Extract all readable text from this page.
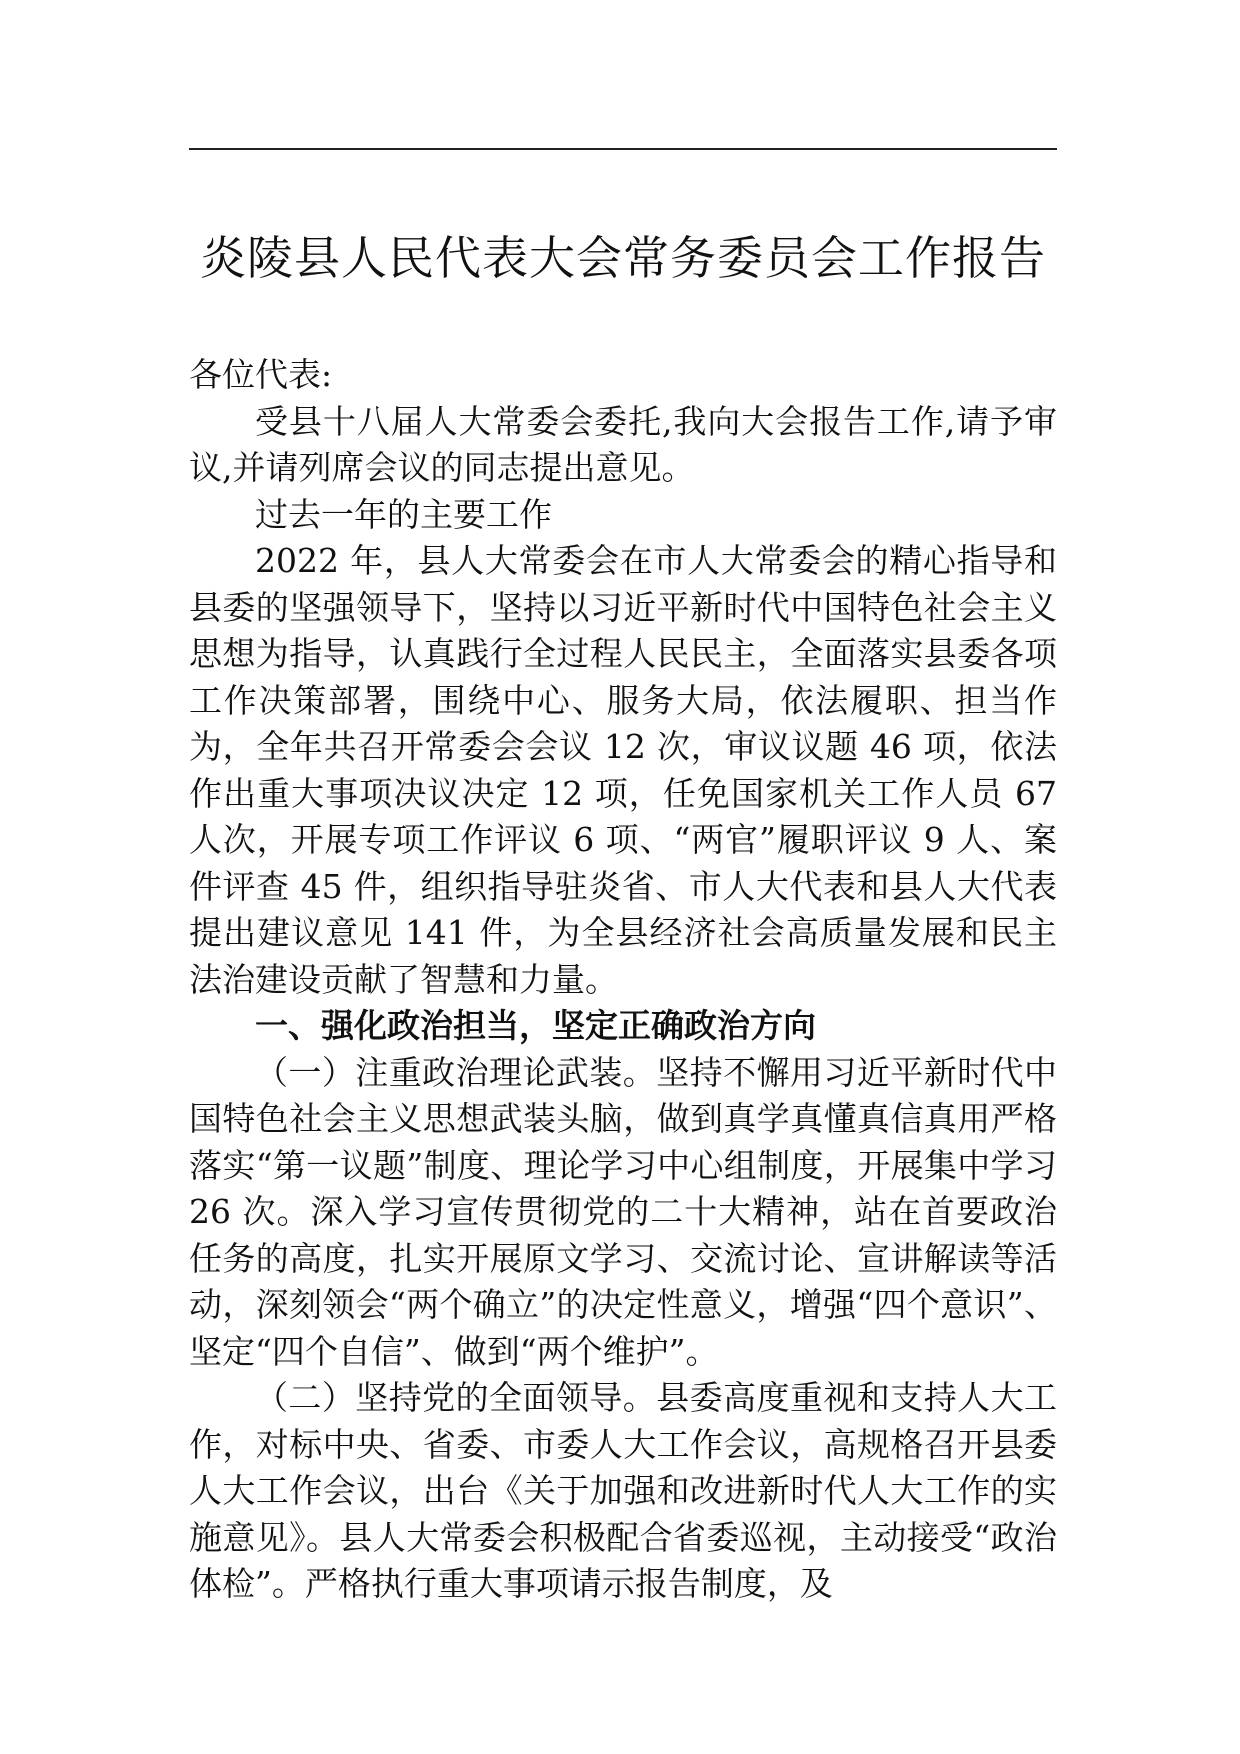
炎陵县人民代表大会常务委员会工作报告

各位代表:

受县十八届人大常委会委托,我向大会报告工作,请予审议,并请列席会议的同志提出意见。

过去一年的主要工作

2022 年，县人大常委会在市人大常委会的精心指导和县委的坚强领导下，坚持以习近平新时代中国特色社会主义思想为指导，认真践行全过程人民民主，全面落实县委各项工作决策部署，围绕中心、服务大局，依法履职、担当作为，全年共召开常委会会议 12 次，审议议题 46 项，依法作出重大事项决议决定 12 项，任免国家机关工作人员 67 人次，开展专项工作评议 6 项、“两官”履职评议 9 人、案件评查 45 件，组织指导驻炎省、市人大代表和县人大代表提出建议意见 141 件，为全县经济社会高质量发展和民主法治建设贡献了智慧和力量。

一、强化政治担当，坚定正确政治方向

（一）注重政治理论武装。坚持不懈用习近平新时代中国特色社会主义思想武装头脑，做到真学真懂真信真用严格落实“第一议题”制度、理论学习中心组制度，开展集中学习 26 次。深入学习宣传贯彻党的二十大精神，站在首要政治任务的高度，扎实开展原文学习、交流讨论、宣讲解读等活动，深刻领会“两个确立”的决定性意义，增强“四个意识”、坚定“四个自信”、做到“两个维护”。

（二）坚持党的全面领导。县委高度重视和支持人大工作，对标中央、省委、市委人大工作会议，高规格召开县委人大工作会议，出台《关于加强和改进新时代人大工作的实施意见》。县人大常委会积极配合省委巡视，主动接受“政治体检”。严格执行重大事项请示报告制度，及
